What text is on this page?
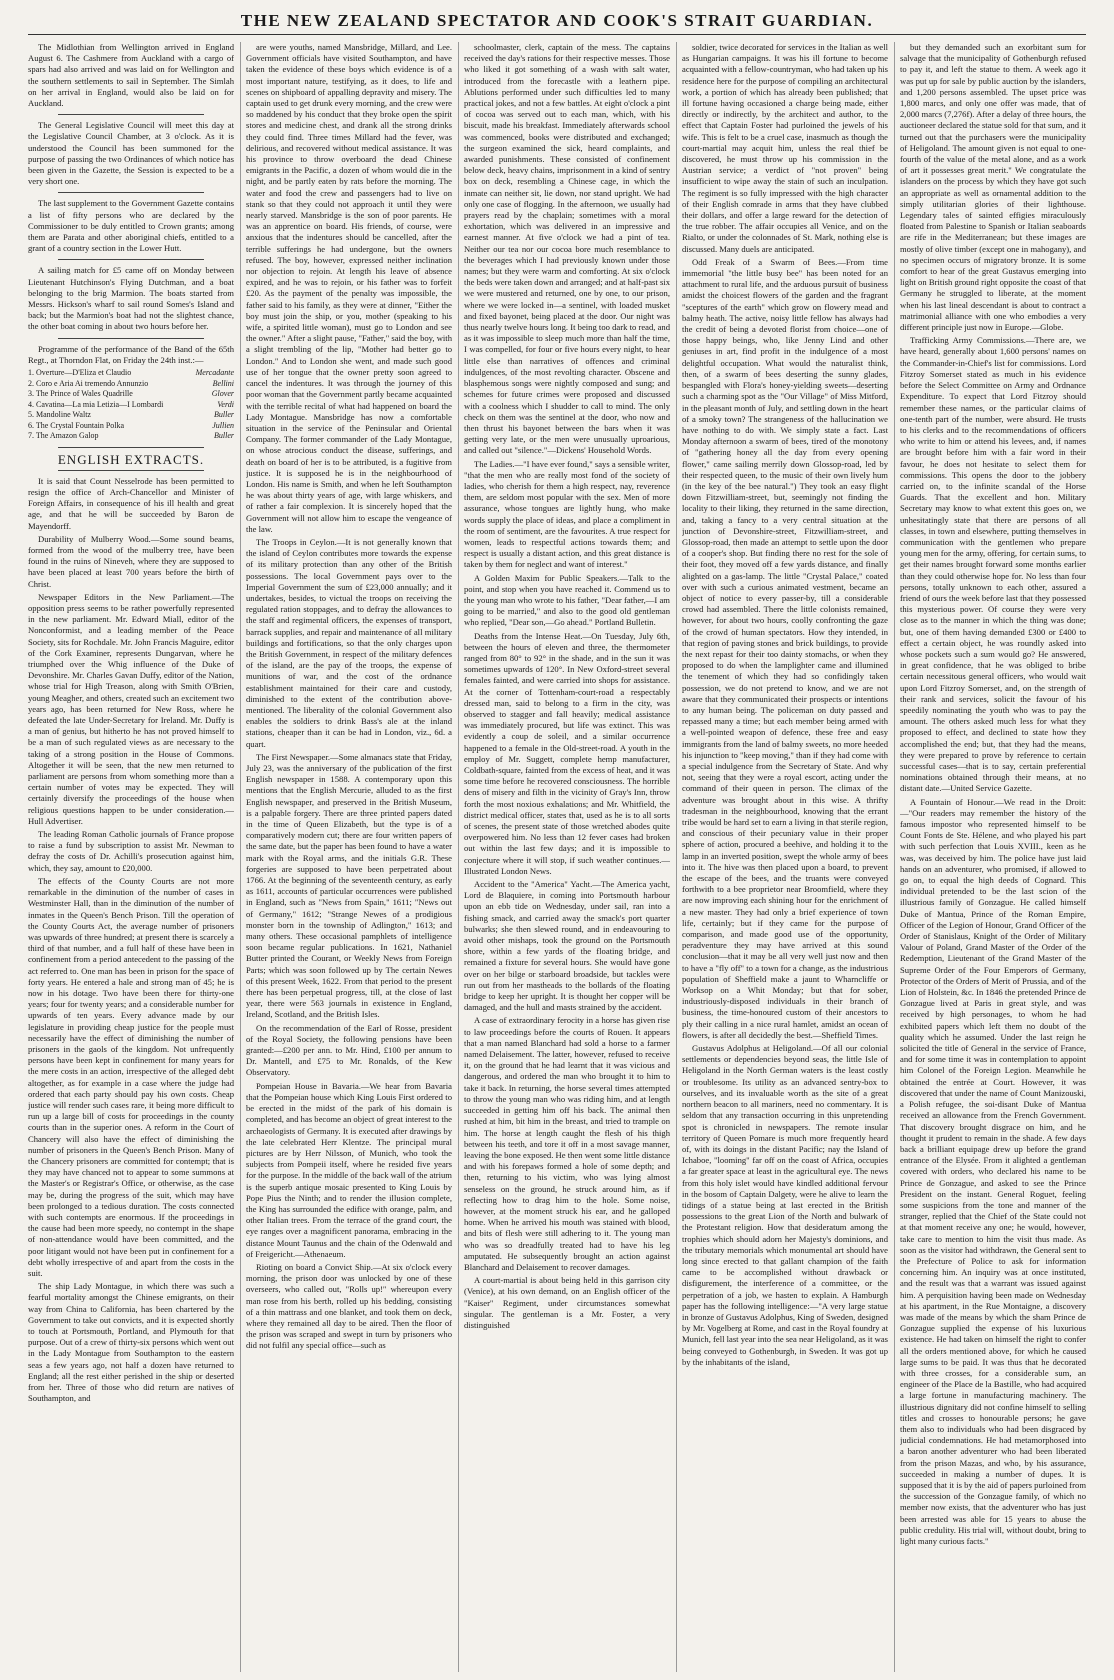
THE NEW ZEALAND SPECTATOR AND COOK'S STRAIT GUARDIAN.

The Midlothian from Wellington arrived in England August 6. The Cashmere from Auckland with a cargo of spars had also arrived and was laid on for Wellington and the southern settlements to sail in September. The Simlah on her arrival in England, would also be laid on for Auckland.

The General Legislative Council will meet this day at the Legislative Council Chamber, at 3 o'clock. As it is understood the Council has been summoned for the purpose of passing the two Ordinances of which notice has been given in the Gazette, the Session is expected to be a very short one.

The last supplement to the Government Gazette contains a list of fifty persons who are declared by the Commissioner to be duly entitled to Crown grants; among them are Parata and other aboriginal chiefs, entitled to a grant of a country section in the Lower Hutt.

A sailing match for £5 came off on Monday between Lieutenant Hutchinson's Flying Dutchman, and a boat belonging to the brig Marmion. The boats started from Messrs. Hickson's wharf to sail round Somes's Island and back; but the Marmion's boat had not the slightest chance, the other boat coming in about two hours before her.

Programme of the performance of the Band of the 65th Regt., at Thorndon Flat, on Friday the 24th inst.:—

1. Overture—D'Eliza et Claudio	Mercadante
2. Coro e Aria Ai tremendo Annunzio	Bellini
3. The Prince of Wales Quadrille	Glover
4. Cavatina—La mia Letizia—I Lombardi	Verdi
5. Mandoline Waltz	Buller
6. The Crystal Fountain Polka	Jullien
7. The Amazon Galop	Buller
ENGLISH EXTRACTS.

It is said that Count Nesselrode has been permitted to resign the office of Arch-Chancellor and Minister of Foreign Affairs, in consequence of his ill health and great age, and that he will be succeeded by Baron de Mayendorff.

Durability of Mulberry Wood.—Some sound beams, formed from the wood of the mulberry tree, have been found in the ruins of Nineveh, where they are supposed to have been placed at least 700 years before the birth of Christ.

Newspaper Editors in the New Parliament.—The opposition press seems to be rather powerfully represented in the new parliament. Mr. Edward Miall, editor of the Nonconformist, and a leading member of the Peace Society, sits for Rochdale. Mr. John Francis Maguire, editor of the Cork Examiner, represents Dungarvan, where he triumphed over the Whig influence of the Duke of Devonshire. Mr. Charles Gavan Duffy, editor of the Nation, whose trial for High Treason, along with Smith O'Brien, young Meagher, and others, created such an excitement two years ago, has been returned for New Ross, where he defeated the late Under-Secretary for Ireland. Mr. Duffy is a man of genius, but hitherto he has not proved himself to be a man of such regulated views as are necessary to the taking of a strong position in the House of Commons. Altogether it will be seen, that the new men returned to parliament are persons from whom something more than a certain number of votes may be expected. They will certainly diversify the proceedings of the house when religious questions happen to be under consideration.—Hull Advertiser.

The leading Roman Catholic journals of France propose to raise a fund by subscription to assist Mr. Newman to defray the costs of Dr. Achilli's prosecution against him, which, they say, amount to £20,000.

The effects of the County Courts are not more remarkable in the diminution of the number of cases in Westminster Hall, than in the diminution of the number of inmates in the Queen's Bench Prison. Till the operation of the County Courts Act, the average number of prisoners was upwards of three hundred; at present there is scarcely a third of that number, and a full half of these have been in confinement from a period antecedent to the passing of the act referred to. One man has been in prison for the space of forty years. He entered a hale and strong man of 45; he is now in his dotage. Two have been there for thirty-one years; four for twenty years; and a considerable number for upwards of ten years. Every advance made by our legislature in providing cheap justice for the people must necessarily have the effect of diminishing the number of prisoners in the gaols of the kingdom. Not unfrequently persons have been kept in confinement for many years for the mere costs in an action, irrespective of the alleged debt altogether, as for example in a case where the judge had ordered that each party should pay his own costs. Cheap justice will render such cases rare, it being more difficult to run up a large bill of costs for proceedings in the county courts than in the superior ones. A reform in the Court of Chancery will also have the effect of diminishing the number of prisoners in the Queen's Bench Prison. Many of the Chancery prisoners are committed for contempt; that is they may have chanced not to appear to some summons at the Master's or Registrar's Office, or otherwise, as the case may be, during the progress of the suit, which may have been prolonged to a tedious duration. The costs connected with such contempts are enormous. If the proceedings in the cause had been more speedy, no contempt in the shape of non-attendance would have been committed, and the poor litigant would not have been put in confinement for a debt wholly irrespective of and apart from the costs in the suit.

The ship Lady Montague, in which there was such a fearful mortality amongst the Chinese emigrants, on their way from China to California, has been chartered by the Government to take out convicts, and it is expected shortly to touch at Portsmouth, Portland, and Plymouth for that purpose. Out of a crew of thirty-six persons which went out in the Lady Montague from Southampton to the eastern seas a few years ago, not half a dozen have returned to England; all the rest either perished in the ship or deserted from her. Three of those who did return are natives of Southampton, and

are were youths, named Mansbridge, Millard, and Lee. Government officials have visited Southampton, and have taken the evidence of these boys which evidence is of a most important nature, testifying, as it does, to life and scenes on shipboard of appalling depravity and misery. The captain used to get drunk every morning, and the crew were so maddened by his conduct that they broke open the spirit stores and medicine chest, and drank all the strong drinks they could find. Three times Millard had the fever, was delirious, and recovered without medical assistance. It was his province to throw overboard the dead Chinese emigrants in the Pacific, a dozen of whom would die in the night, and be partly eaten by rats before the morning. The water and food the crew and passengers had to live on stank so that they could not approach it until they were nearly starved. Mansbridge is the son of poor parents. He was an apprentice on board. His friends, of course, were anxious that the indentures should be cancelled, after the terrible sufferings he had undergone, but the owners refused. The boy, however, expressed neither inclination nor objection to rejoin. At length his leave of absence expired, and he was to rejoin, or his father was to forfeit £20. As the payment of the penalty was impossible, the father said to his family, as they were at dinner, "Either the boy must join the ship, or you, mother (speaking to his wife, a spirited little woman), must go to London and see the owner." After a slight pause, "Father," said the boy, with a slight trembling of the lip, "Mother had better go to London." And to London she went, and made such good use of her tongue that the owner pretty soon agreed to cancel the indentures. It was through the journey of this poor woman that the Government partly became acquainted with the terrible recital of what had happened on board the Lady Montague. Mansbridge has now a comfortable situation in the service of the Peninsular and Oriental Company. The former commander of the Lady Montague, on whose atrocious conduct the disease, sufferings, and death on board of her is to be attributed, is a fugitive from justice. It is supposed he is in the neighbourhood of London. His name is Smith, and when he left Southampton he was about thirty years of age, with large whiskers, and of rather a fair complexion. It is sincerely hoped that the Government will not allow him to escape the vengeance of the law.

The Troops in Ceylon.—It is not generally known that the island of Ceylon contributes more towards the expense of its military protection than any other of the British possessions. The local Government pays over to the Imperial Government the sum of £23,000 annually; and it undertakes, besides, to victual the troops on receiving the regulated ration stoppages, and to defray the allowances to the staff and regimental officers, the expenses of transport, barrack supplies, and repair and maintenance of all military buildings and fortifications, so that the only charges upon the British Government, in respect of the military defences of the island, are the pay of the troops, the expense of munitions of war, and the cost of the ordnance establishment maintained for their care and custody, diminished to the extent of the contribution above-mentioned. The liberality of the colonial Government also enables the soldiers to drink Bass's ale at the inland stations, cheaper than it can be had in London, viz., 6d. a quart.

The First Newspaper.—Some almanacs state that Friday, July 23, was the anniversary of the publication of the first English newspaper in 1588. A contemporary upon this mentions that the English Mercurie, alluded to as the first English newspaper, and preserved in the British Museum, is a palpable forgery. There are three printed papers dated in the time of Queen Elizabeth, but the type is of a comparatively modern cut; there are four written papers of the same date, but the paper has been found to have a water mark with the Royal arms, and the initials G.R. These forgeries are supposed to have been perpetrated about 1766. At the beginning of the seventeenth century, as early as 1611, accounts of particular occurrences were published in England, such as "News from Spain," 1611; "News out of Germany," 1612; "Strange Newes of a prodigious monster born in the township of Adlington," 1613; and many others. These occasional pamphlets of intelligence soon became regular publications. In 1621, Nathaniel Butter printed the Courant, or Weekly News from Foreign Parts; which was soon followed up by The certain Newes of this present Week, 1622. From that period to the present there has been perpetual progress, till, at the close of last year, there were 563 journals in existence in England, Ireland, Scotland, and the British Isles.

On the recommendation of the Earl of Rosse, president of the Royal Society, the following pensions have been granted:—£200 per ann. to Mr. Hind, £100 per annum to Dr. Mantell, and £75 to Mr. Ronalds, of the Kew Observatory.

Pompeian House in Bavaria.—We hear from Bavaria that the Pompeian house which King Louis First ordered to be erected in the midst of the park of his domain is completed, and has become an object of great interest to the archaeologists of Germany. It is executed after drawings by the late celebrated Herr Klentze. The principal mural pictures are by Herr Nilsson, of Munich, who took the subjects from Pompeii itself, where he resided five years for the purpose. In the middle of the back wall of the atrium is the superb antique mosaic presented to King Louis by Pope Pius the Ninth; and to render the illusion complete, the King has surrounded the edifice with orange, palm, and other Italian trees. From the terrace of the grand court, the eye ranges over a magnificent panorama, embracing in the distance Mount Taunus and the chain of the Odenwald and of Freigericht.—Athenaeum.

Rioting on board a Convict Ship.—At six o'clock every morning, the prison door was unlocked by one of these overseers, who called out, "Rolls up!" whereupon every man rose from his berth, rolled up his bedding, consisting of a thin mattrass and one blanket, and took them on deck, where they remained all day to be aired. Then the floor of the prison was scraped and swept in turn by prisoners who did not fulfil any special office—such as

schoolmaster, clerk, captain of the mess. The captains received the day's rations for their respective messes. Those who liked it got something of a wash with salt water, introduced from the forecastle with a leathern pipe. Ablutions performed under such difficulties led to many practical jokes, and not a few battles. At eight o'clock a pint of cocoa was served out to each man, which, with his biscuit, made his breakfast. Immediately afterwards school was commenced, books were distributed and exchanged; the surgeon examined the sick, heard complaints, and awarded punishments. These consisted of confinement below deck, heavy chains, imprisonment in a kind of sentry box on deck, resembling a Chinese cage, in which the inmate can neither sit, lie down, nor stand upright. We had only one case of flogging. In the afternoon, we usually had prayers read by the chaplain; sometimes with a moral exhortation, which was delivered in an impressive and earnest manner. At five o'clock we had a pint of tea. Neither our tea nor our cocoa bore much resemblance to the beverages which I had previously known under those names; but they were warm and comforting. At six o'clock the beds were taken down and arranged; and at half-past six we were mustered and returned, one by one, to our prison, where we were locked in—a sentinel, with loaded musket and fixed bayonet, being placed at the door. Our night was thus nearly twelve hours long. It being too dark to read, and as it was impossible to sleep much more than half the time, I was compelled, for four or five hours every night, to hear little else than narratives of offences and criminal indulgences, of the most revolting character. Obscene and blasphemous songs were nightly composed and sung; and schemes for future crimes were proposed and discussed with a coolness which I shudder to call to mind. The only check on them was the sentinel at the door, who now and then thrust his bayonet between the bars when it was getting very late, or the men were unusually uproarious, and called out "silence."—Dickens' Household Words.

The Ladies.—"I have ever found," says a sensible writer, "that the men who are really most fond of the society of ladies, who cherish for them a high respect, nay, reverence them, are seldom most popular with the sex. Men of more assurance, whose tongues are lightly hung, who make words supply the place of ideas, and place a compliment in the room of sentiment, are the favourites. A true respect for women, leads to respectful actions towards them; and respect is usually a distant action, and this great distance is taken by them for neglect and want of interest."

A Golden Maxim for Public Speakers.—Talk to the point, and stop when you have reached it. Commend us to the young man who wrote to his father, "Dear father,—I am going to be married," and also to the good old gentleman who replied, "Dear son,—Go ahead." Portland Bulletin.

Deaths from the Intense Heat.—On Tuesday, July 6th, between the hours of eleven and three, the thermometer ranged from 80° to 92° in the shade, and in the sun it was sometimes upwards of 120°. In New Oxford-street several females fainted, and were carried into shops for assistance. At the corner of Tottenham-court-road a respectably dressed man, said to belong to a firm in the city, was observed to stagger and fall heavily; medical assistance was immediately procured, but life was extinct. This was evidently a coup de soleil, and a similar occurrence happened to a female in the Old-street-road. A youth in the employ of Mr. Suggett, complete hemp manufacturer, Coldbath-square, fainted from the excess of heat, and it was some time before he recovered consciousness. The horrible dens of misery and filth in the vicinity of Gray's Inn, throw forth the most noxious exhalations; and Mr. Whitfield, the district medical officer, states that, used as he is to all sorts of scenes, the present state of those wretched abodes quite overpowered him. No less than 12 fever cases had broken out within the last few days; and it is impossible to conjecture where it will stop, if such weather continues.—Illustrated London News.

Accident to the "America" Yacht.—The America yacht, Lord de Blaquiere, in coming into Portsmouth harbour upon an ebb tide on Wednesday, under sail, ran into a fishing smack, and carried away the smack's port quarter bulwarks; she then slewed round, and in endeavouring to avoid other mishaps, took the ground on the Portsmouth shore, within a few yards of the floating bridge, and remained a fixture for several hours. She would have gone over on her bilge or starboard broadside, but tackles were run out from her mastheads to the bollards of the floating bridge to keep her upright. It is thought her copper will be damaged, and the hull and masts strained by the accident.

A case of extraordinary ferocity in a horse has given rise to law proceedings before the courts of Rouen. It appears that a man named Blanchard had sold a horse to a farmer named Delaisement. The latter, however, refused to receive it, on the ground that he had learnt that it was vicious and dangerous, and ordered the man who brought it to him to take it back. In returning, the horse several times attempted to throw the young man who was riding him, and at length succeeded in getting him off his back. The animal then rushed at him, bit him in the breast, and tried to trample on him. The horse at length caught the flesh of his thigh between his teeth, and tore it off in a most savage manner, leaving the bone exposed. He then went some little distance and with his forepaws formed a hole of some depth; and then, returning to his victim, who was lying almost senseless on the ground, he struck around him, as if reflecting how to drag him to the hole. Some noise, however, at the moment struck his ear, and he galloped home. When he arrived his mouth was stained with blood, and bits of flesh were still adhering to it. The young man who was so dreadfully treated had to have his leg amputated. He subsequently brought an action against Blanchard and Delaisement to recover damages.

A court-martial is about being held in this garrison city (Venice), at his own demand, on an English officer of the "Kaiser" Regiment, under circumstances somewhat singular. The gentleman is a Mr. Foster, a very distinguished

soldier, twice decorated for services in the Italian as well as Hungarian campaigns. It was his ill fortune to become acquainted with a fellow-countryman, who had taken up his residence here for the purpose of compiling an architectural work, a portion of which has already been published; that ill fortune having occasioned a charge being made, either directly or indirectly, by the architect and author, to the effect that Captain Foster had purloined the jewels of his wife. This is felt to be a cruel case, inasmuch as though the court-martial may acquit him, unless the real thief be discovered, he must throw up his commission in the Austrian service; a verdict of "not proven" being insufficient to wipe away the stain of such an inculpation. The regiment is so fully impressed with the high character of their English comrade in arms that they have clubbed their dollars, and offer a large reward for the detection of the true robber. The affair occupies all Venice, and on the Rialto, or under the colonnades of St. Mark, nothing else is discussed. Many duels are anticipated.

Odd Freak of a Swarm of Bees.—From time immemorial "the little busy bee" has been noted for an attachment to rural life, and the arduous pursuit of business amidst the choicest flowers of the garden and the fragrant "sceptures of the earth" which grow on flowery mead and balmy heath. The active, noisy little fellow has always had the credit of being a devoted florist from choice—one of those happy beings, who, like Jenny Lind and other geniuses in art, find profit in the indulgence of a most delightful occupation. What would the naturalist think, then, of a swarm of bees deserting the sunny glades, bespangled with Flora's honey-yielding sweets—deserting such a charming spot as the "Our Village" of Miss Mitford, in the pleasant month of July, and settling down in the heart of a smoky town? The strangeness of the hallucination we have nothing to do with. We simply state a fact. Last Monday afternoon a swarm of bees, tired of the monotony of "gathering honey all the day from every opening flower," came sailing merrily down Glossop-road, led by their respected queen, to the music of their own lively hum (in the key of the bee natural.") They took an easy flight down Fitzwilliam-street, but, seemingly not finding the locality to their liking, they returned in the same direction, and, taking a fancy to a very central situation at the junction of Devonshire-street, Fitzwilliam-street, and Glossop-road, then made an attempt to settle upon the door of a cooper's shop. But finding there no rest for the sole of their foot, they moved off a few yards distance, and finally alighted on a gas-lamp. The little "Crystal Palace," coated over with such a curious animated vestment, became an object of notice to every passer-by, till a considerable crowd had assembled. There the little colonists remained, however, for about two hours, coolly confronting the gaze of the crowd of human spectators. How they intended, in that region of paving stones and brick buildings, to provide the next repast for their too dainty stomachs, or when they proposed to do when the lamplighter came and illumined the tenement of which they had so confidingly taken possession, we do not pretend to know, and we are not aware that they communicated their prospects or intentions to any human being. The policeman on duty passed and repassed many a time; but each member being armed with a well-pointed weapon of defence, these free and easy immigrants from the land of balmy sweets, no more heeded his injunction to "keep moving," than if they had come with a special indulgence from the Secretary of State. And why not, seeing that they were a royal escort, acting under the command of their queen in person. The climax of the adventure was brought about in this wise. A thrifty tradesman in the neighbourhood, knowing that the errant tribe would be hard set to earn a living in that sterile region, and conscious of their pecuniary value in their proper sphere of action, procured a beehive, and holding it to the lamp in an inverted position, swept the whole army of bees into it. The hive was then placed upon a board, to prevent the escape of the bees, and the truants were conveyed forthwith to a bee proprietor near Broomfield, where they are now improving each shining hour for the enrichment of a new master. They had only a brief experience of town life, certainly; but if they came for the purpose of comparison, and made good use of the opportunity, peradventure they may have arrived at this sound conclusion—that it may be all very well just now and then to have a "fly off" to a town for a change, as the industrious population of Sheffield make a jaunt to Wharncliffe or Worksop on a Whit Monday; but that for sober, industriously-disposed individuals in their branch of business, the time-honoured custom of their ancestors to ply their calling in a nice rural hamlet, amidst an ocean of flowers, is after all decidedly the best.—Sheffield Times.

Gustavus Adolphus at Heligoland.—Of all our colonial settlements or dependencies beyond seas, the little Isle of Heligoland in the North German waters is the least costly or troublesome. Its utility as an advanced sentry-box to ourselves, and its invaluable worth as the site of a great northern beacon to all mariners, need no commentary. It is seldom that any transaction occurring in this unpretending spot is chronicled in newspapers. The remote insular territory of Queen Pomare is much more frequently heard of, with its doings in the distant Pacific; nay the Island of Ichaboe, "looming" far off on the coast of Africa, occupies a far greater space at least in the agricultural eye. The news from this holy islet would have kindled additional fervour in the bosom of Captain Dalgety, were he alive to learn the tidings of a statue being at last erected in the British possessions to the great Lion of the North and bulwark of the Protestant religion. How that desideratum among the trophies which should adorn her Majesty's dominions, and the tributary memorials which monumental art should have long since erected to that gallant champion of the faith came to be accomplished without drawback or disfigurement, the interference of a committee, or the perpetration of a job, we hasten to explain. A Hamburgh paper has the following intelligence:—"A very large statue in bronze of Gustavus Adolphus, King of Sweden, designed by Mr. Vogelberg at Rome, and cast in the Royal foundry at Munich, fell last year into the sea near Heligoland, as it was being conveyed to Gothenburgh, in Sweden. It was got up by the inhabitants of the island,

but they demanded such an exorbitant sum for salvage that the municipality of Gothenburgh refused to pay it, and left the statue to them. A week ago it was put up for sale by public auction by the islanders, and 1,200 persons assembled. The upset price was 1,800 marcs, and only one offer was made, that of 2,000 marcs (7,276f). After a delay of three hours, the auctioneer declared the statue sold for that sum, and it turned out that the purchasers were the municipality of Heligoland. The amount given is not equal to one-fourth of the value of the metal alone, and as a work of art it possesses great merit." We congratulate the islanders on the process by which they have got such an appropriate as well as ornamental addition to the simply utilitarian glories of their lighthouse. Legendary tales of sainted effigies miraculously floated from Palestine to Spanish or Italian seaboards are rife in the Mediterranean; but these images are mostly of olive timber (except one in mahogany), and no specimen occurs of migratory bronze. It is some comfort to hear of the great Gustavus emerging into light on British ground right opposite the coast of that Germany he struggled to liberate, at the moment when his last lineal descendant is about to contract a matrimonial alliance with one who embodies a very different principle just now in Europe.—Globe.

Trafficking Army Commissions.—There are, we have heard, generally about 1,600 persons' names on the Commander-in-Chief's list for commissions. Lord Fitzroy Somerset stated as much in his evidence before the Select Committee on Army and Ordnance Expenditure. To expect that Lord Fitzroy should remember these names, or the particular claims of one-tenth part of the number, were absurd. He trusts to his clerks and to the recommendations of officers who write to him or attend his levees, and, if names are brought before him with a fair word in their favour, he does not hesitate to select them for commissions. This opens the door to the jobbery carried on, to the infinite scandal of the Horse Guards. That the excellent and hon. Military Secretary may know to what extent this goes on, we unhesitatingly state that there are persons of all classes, in town and elsewhere, putting themselves in communication with the gentlemen who prepare young men for the army, offering, for certain sums, to get their names brought forward some months earlier than they could otherwise hope for. No less than four persons, totally unknown to each other, assured a friend of ours the week before last that they possessed this mysterious power. Of course they were very close as to the manner in which the thing was done; but, one of them having demanded £300 or £400 to effect a certain object, he was roundly asked into whose pockets such a sum would go? He answered, in great confidence, that he was obliged to bribe certain necessitous general officers, who would wait upon Lord Fitzroy Somerset, and, on the strength of their rank and services, solicit the favour of his speedily nominating the youth who was to pay the amount. The others asked much less for what they proposed to effect, and declined to state how they accomplished the end; but, that they had the means, they were prepared to prove by reference to certain successful cases—that is to say, certain preferential nominations obtained through their means, at no distant date.—United Service Gazette.

A Fountain of Honour.—We read in the Droit:—"Our readers may remember the history of the famous impostor who represented himself to be Count Fonts de Ste. Hélene, and who played his part with such perfection that Louis XVIII., keen as he was, was deceived by him. The police have just laid hands on an adventurer, who promised, if allowed to go on, to equal the high deeds of Cognard. This individual pretended to be the last scion of the illustrious family of Gonzague. He called himself Duke of Mantua, Prince of the Roman Empire, Officer of the Legion of Honour, Grand Officer of the Order of Stanislaus, Knight of the Order of Military Valour of Poland, Grand Master of the Order of the Redemption, Lieutenant of the Grand Master of the Supreme Order of the Four Emperors of Germany, Protector of the Orders of Merit of Prussia, and of the Lion of Holstein, &c. In 1846 the pretended Prince de Gonzague lived at Paris in great style, and was received by high personages, to whom he had exhibited papers which left them no doubt of the quality which he assumed. Under the last reign he solicited the title of General in the service of France, and for some time it was in contemplation to appoint him Colonel of the Foreign Legion. Meanwhile he obtained the entrée at Court. However, it was discovered that under the name of Count Manizouski, a Polish refugee, the soi-disant Duke of Mantua received an allowance from the French Government. That discovery brought disgrace on him, and he thought it prudent to remain in the shade. A few days back a brilliant equipage drew up before the grand entrance of the Elysée. From it alighted a gentleman covered with orders, who declared his name to be Prince de Gonzague, and asked to see the Prince President on the instant. General Roguet, feeling some suspicions from the tone and manner of the stranger, replied that the Chief of the State could not at that moment receive any one; he would, however, take care to mention to him the visit thus made. As soon as the visitor had withdrawn, the General sent to the Prefecture of Police to ask for information concerning him. An inquiry was at once instituted, and the result was that a warrant was issued against him. A perquisition having been made on Wednesday at his apartment, in the Rue Montaigne, a discovery was made of the means by which the sham Prince de Gonzague supplied the expense of his luxurious existence. He had taken on himself the right to confer all the orders mentioned above, for which he caused large sums to be paid. It was thus that he decorated with three crosses, for a considerable sum, an engineer of the Place de la Bastille, who had acquired a large fortune in manufacturing machinery. The illustrious dignitary did not confine himself to selling titles and crosses to honourable persons; he gave them also to individuals who had been disgraced by judicial condemnations. He had metamorphosed into a baron another adventurer who had been liberated from the prison Mazas, and who, by his assurance, succeeded in making a number of dupes. It is supposed that it is by the aid of papers purloined from the succession of the Gonzague family, of which no member now exists, that the adventurer who has just been arrested was able for 15 years to abuse the public credulity. His trial will, without doubt, bring to light many curious facts."
